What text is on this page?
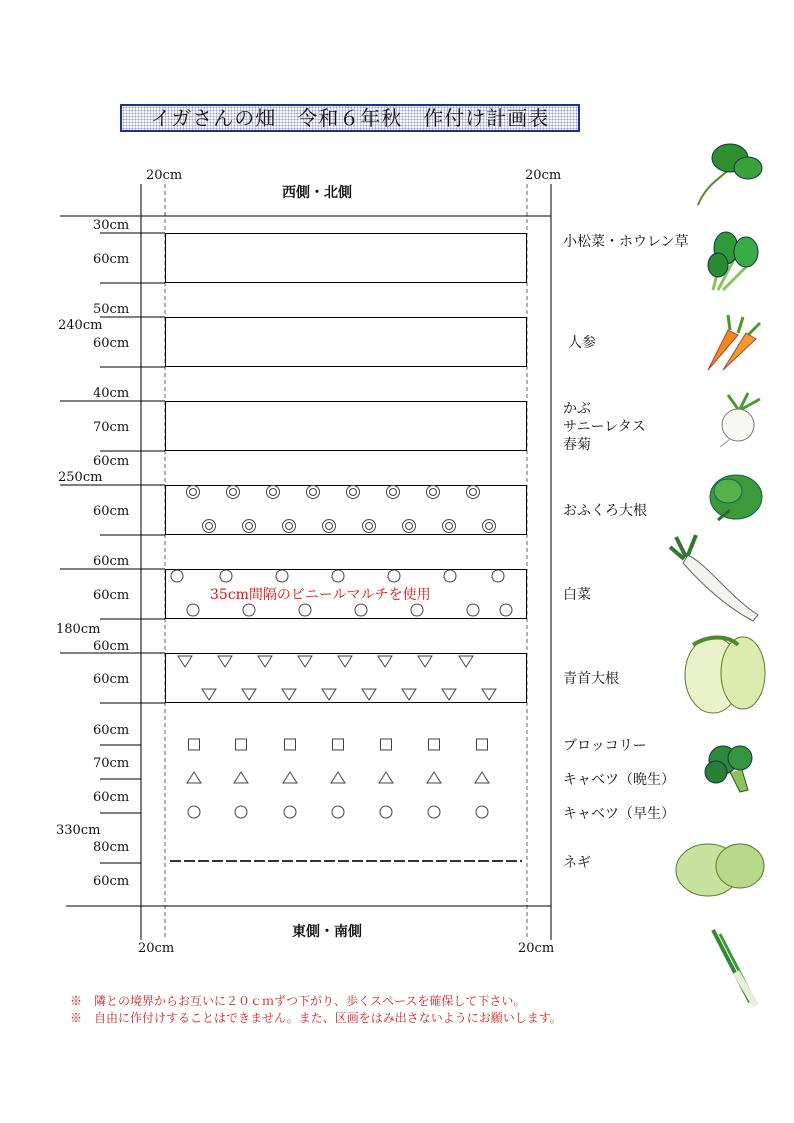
イガさんの畑　令和６年秋　作付け計画表
20cm	20cm
20cm	20cm
西側・北側
東側・南側
30cm
60cm
50cm
60cm
40cm
70cm
60cm
60cm
60cm
60cm
60cm
60cm
60cm
70cm
60cm
80cm
60cm
240cm
250cm
180cm
330cm
35cm間隔のビニールマルチを使用
小松菜・ホウレン草
人参
かぶ
サニーレタス
春菊
おふくろ大根
白菜
青首大根
ブロッコリー
キャベツ（晩生）
キャベツ（早生）
ネギ
※　隣との境界からお互いに２０ｃｍずつ下がり、歩くスペースを確保して下さい。
※　自由に作付けすることはできません。また、区画をはみ出さないようにお願いします。
